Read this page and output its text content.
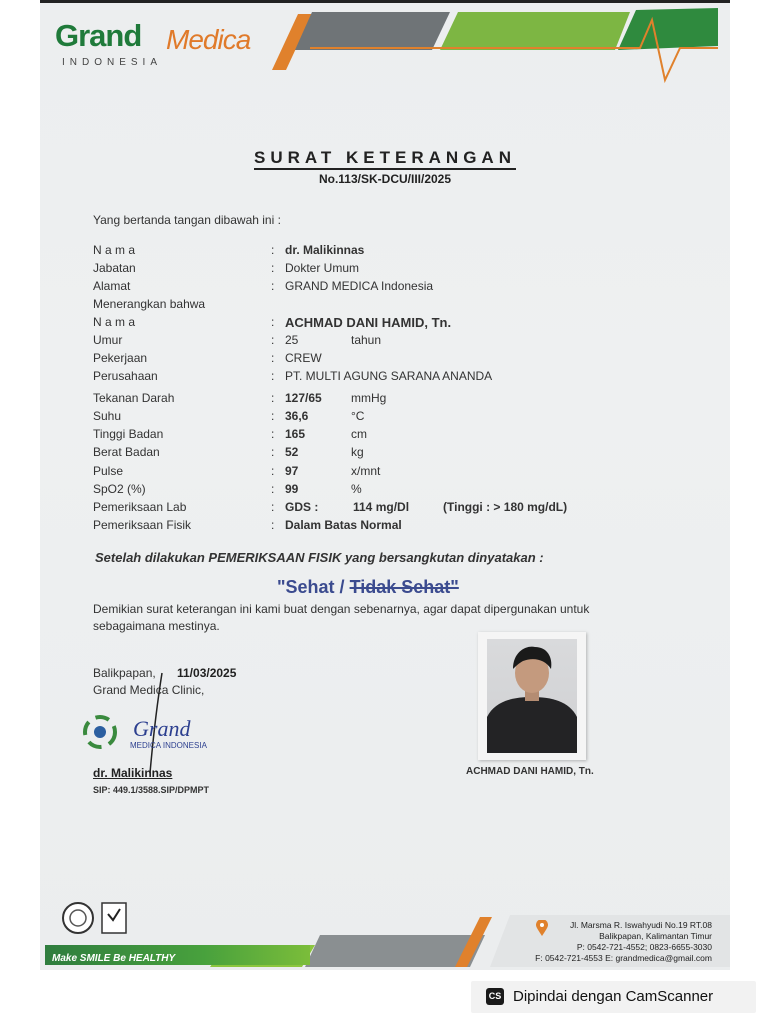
Grand Medica
INDONESIA
SURAT KETERANGAN
No.113/SK-DCU/III/2025
Yang bertanda tangan dibawah ini :
N a m a	: dr. Malikinnas
Jabatan	: Dokter Umum
Alamat	: GRAND MEDICA Indonesia
Menerangkan bahwa
N a m a	: ACHMAD DANI HAMID, Tn.
Umur	: 25	tahun
Pekerjaan	: CREW
Perusahaan	: PT. MULTI AGUNG SARANA ANANDA
Tekanan Darah	: 127/65 mmHg
Suhu	: 36,6	°C
Tinggi Badan	: 165	cm
Berat Badan	: 52	kg
Pulse	: 97	x/mnt
SpO2 (%)	: 99	%
Pemeriksaan Lab	: GDS :	114 mg/Dl	(Tinggi : > 180 mg/dL)
Pemeriksaan Fisik	: Dalam Batas Normal
Setelah dilakukan PEMERIKSAAN FISIK yang bersangkutan dinyatakan :
"Sehat / Tidak Sehat"
Demikian surat keterangan ini kami buat dengan sebenarnya, agar dapat dipergunakan untuk sebagaimana mestinya.
Balikpapan, 11/03/2025
Grand Medica Clinic,
Grand
MEDICA INDONESIA
dr. Malikinnas
SIP: 449.1/3588.SIP/DPMPT
ACHMAD DANI HAMID, Tn.
Jl. Marsma R. Iswahyudi No.19 RT.08
Balikpapan, Kalimantan Timur
P: 0542-721-4552; 0823-6655-3030
F: 0542-721-4553 E: grandmedica@gmail.com
Make SMILE Be HEALTHY
CS Dipindai dengan CamScanner
